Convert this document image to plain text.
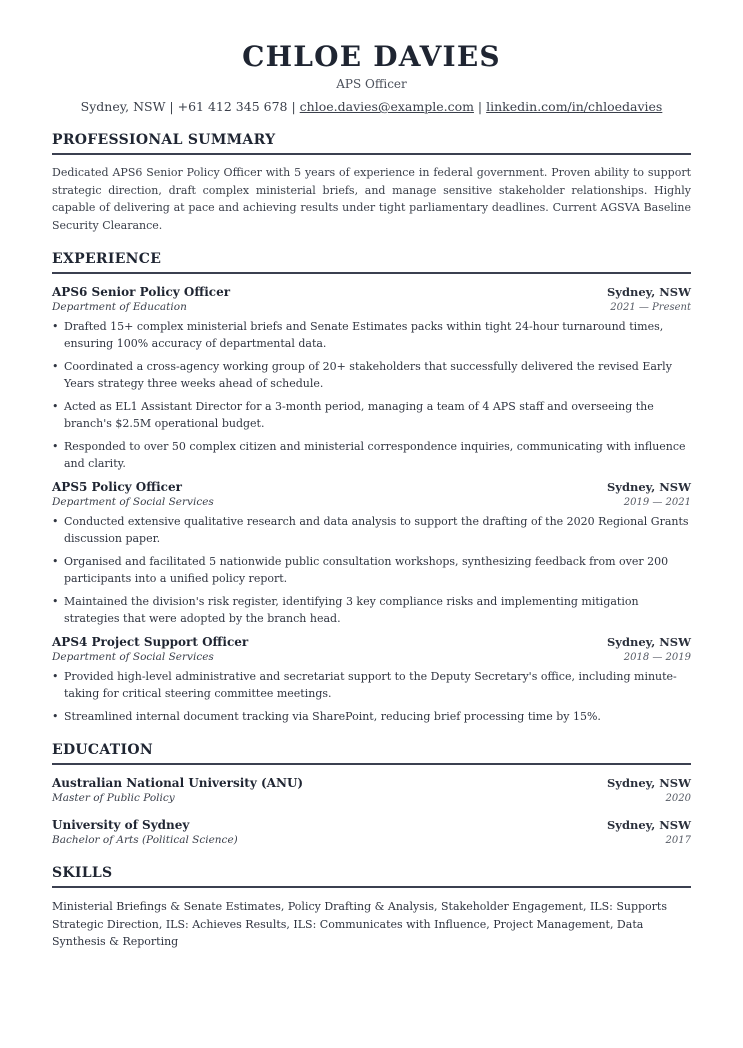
CHLOE DAVIES
APS Officer
Sydney, NSW | +61 412 345 678 | chloe.davies@example.com | linkedin.com/in/chloedavies
PROFESSIONAL SUMMARY
Dedicated APS6 Senior Policy Officer with 5 years of experience in federal government. Proven ability to support strategic direction, draft complex ministerial briefs, and manage sensitive stakeholder relationships. Highly capable of delivering at pace and achieving results under tight parliamentary deadlines. Current AGSVA Baseline Security Clearance.
EXPERIENCE
APS6 Senior Policy Officer	Sydney, NSW
Department of Education	2021 — Present
• Drafted 15+ complex ministerial briefs and Senate Estimates packs within tight 24-hour turnaround times, ensuring 100% accuracy of departmental data.
• Coordinated a cross-agency working group of 20+ stakeholders that successfully delivered the revised Early Years strategy three weeks ahead of schedule.
• Acted as EL1 Assistant Director for a 3-month period, managing a team of 4 APS staff and overseeing the branch's $2.5M operational budget.
• Responded to over 50 complex citizen and ministerial correspondence inquiries, communicating with influence and clarity.
APS5 Policy Officer	Sydney, NSW
Department of Social Services	2019 — 2021
• Conducted extensive qualitative research and data analysis to support the drafting of the 2020 Regional Grants discussion paper.
• Organised and facilitated 5 nationwide public consultation workshops, synthesizing feedback from over 200 participants into a unified policy report.
• Maintained the division's risk register, identifying 3 key compliance risks and implementing mitigation strategies that were adopted by the branch head.
APS4 Project Support Officer	Sydney, NSW
Department of Social Services	2018 — 2019
• Provided high-level administrative and secretariat support to the Deputy Secretary's office, including minute-taking for critical steering committee meetings.
• Streamlined internal document tracking via SharePoint, reducing brief processing time by 15%.
EDUCATION
Australian National University (ANU)	Sydney, NSW
Master of Public Policy	2020
University of Sydney	Sydney, NSW
Bachelor of Arts (Political Science)	2017
SKILLS
Ministerial Briefings & Senate Estimates, Policy Drafting & Analysis, Stakeholder Engagement, ILS: Supports Strategic Direction, ILS: Achieves Results, ILS: Communicates with Influence, Project Management, Data Synthesis & Reporting
